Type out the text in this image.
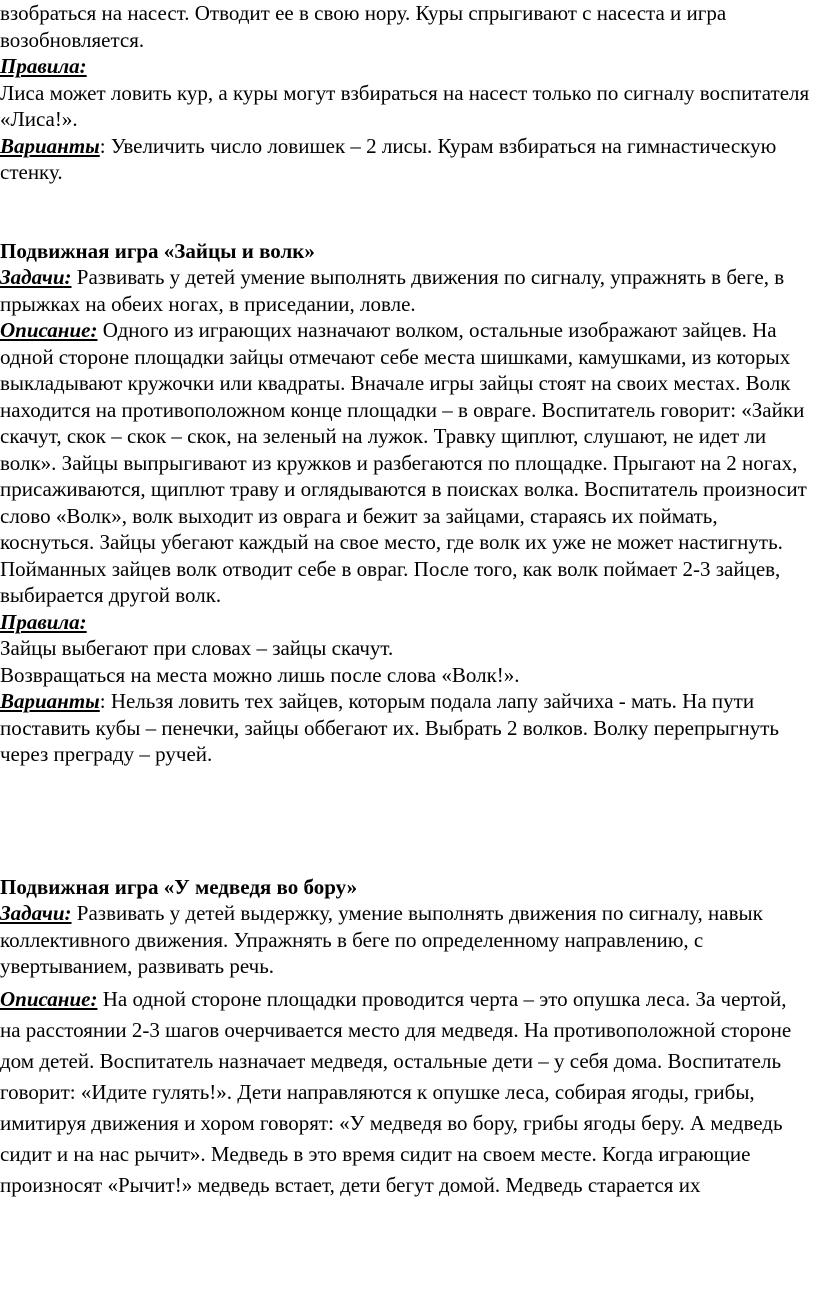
взобраться на насест. Отводит ее в свою нору. Куры спрыгивают с насеста и игра возобновляется.

Правила:

Лиса может ловить кур, а куры могут взбираться на насест только по сигналу воспитателя «Лиса!».

Варианты: Увеличить число ловишек – 2 лисы. Курам взбираться на гимнастическую стенку.

Подвижная игра «Зайцы и волк»

Задачи: Развивать у детей умение выполнять движения по сигналу, упражнять в беге, в прыжках на обеих ногах, в приседании, ловле.

Описание: Одного из играющих назначают волком, остальные изображают зайцев. На одной стороне площадки зайцы отмечают себе места шишками, камушками, из которых выкладывают кружочки или квадраты. Вначале игры зайцы стоят на своих местах. Волк находится на противоположном конце площадки – в овраге. Воспитатель говорит: «Зайки скачут, скок – скок – скок, на зеленый на лужок. Травку щиплют, слушают, не идет ли волк». Зайцы выпрыгивают из кружков и разбегаются по площадке. Прыгают на 2 ногах, присаживаются, щиплют траву и оглядываются в поисках волка. Воспитатель произносит слово «Волк», волк выходит из оврага и бежит за зайцами, стараясь их поймать, коснуться. Зайцы убегают каждый на свое место, где волк их уже не может настигнуть. Пойманных зайцев волк отводит себе в овраг. После того, как волк поймает 2-3 зайцев, выбирается другой волк.

Правила:

Зайцы выбегают при словах – зайцы скачут.

Возвращаться на места можно лишь после слова «Волк!».

Варианты: Нельзя ловить тех зайцев, которым подала лапу зайчиха - мать. На пути поставить кубы – пенечки, зайцы оббегают их. Выбрать 2 волков. Волку перепрыгнуть через преграду – ручей.

Подвижная игра «У медведя во бору»

Задачи: Развивать у детей выдержку, умение выполнять движения по сигналу, навык коллективного движения. Упражнять в беге по определенному направлению, с увертыванием, развивать речь.

Описание: На одной стороне площадки проводится черта – это опушка леса. За чертой, на расстоянии 2-3 шагов очерчивается место для медведя. На противоположной стороне дом детей. Воспитатель назначает медведя, остальные дети – у себя дома. Воспитатель говорит: «Идите гулять!». Дети направляются к опушке леса, собирая ягоды, грибы, имитируя движения и хором говорят: «У медведя во бору, грибы ягоды беру. А медведь сидит и на нас рычит». Медведь в это время сидит на своем месте. Когда играющие произносят «Рычит!» медведь встает, дети бегут домой. Медведь старается их
